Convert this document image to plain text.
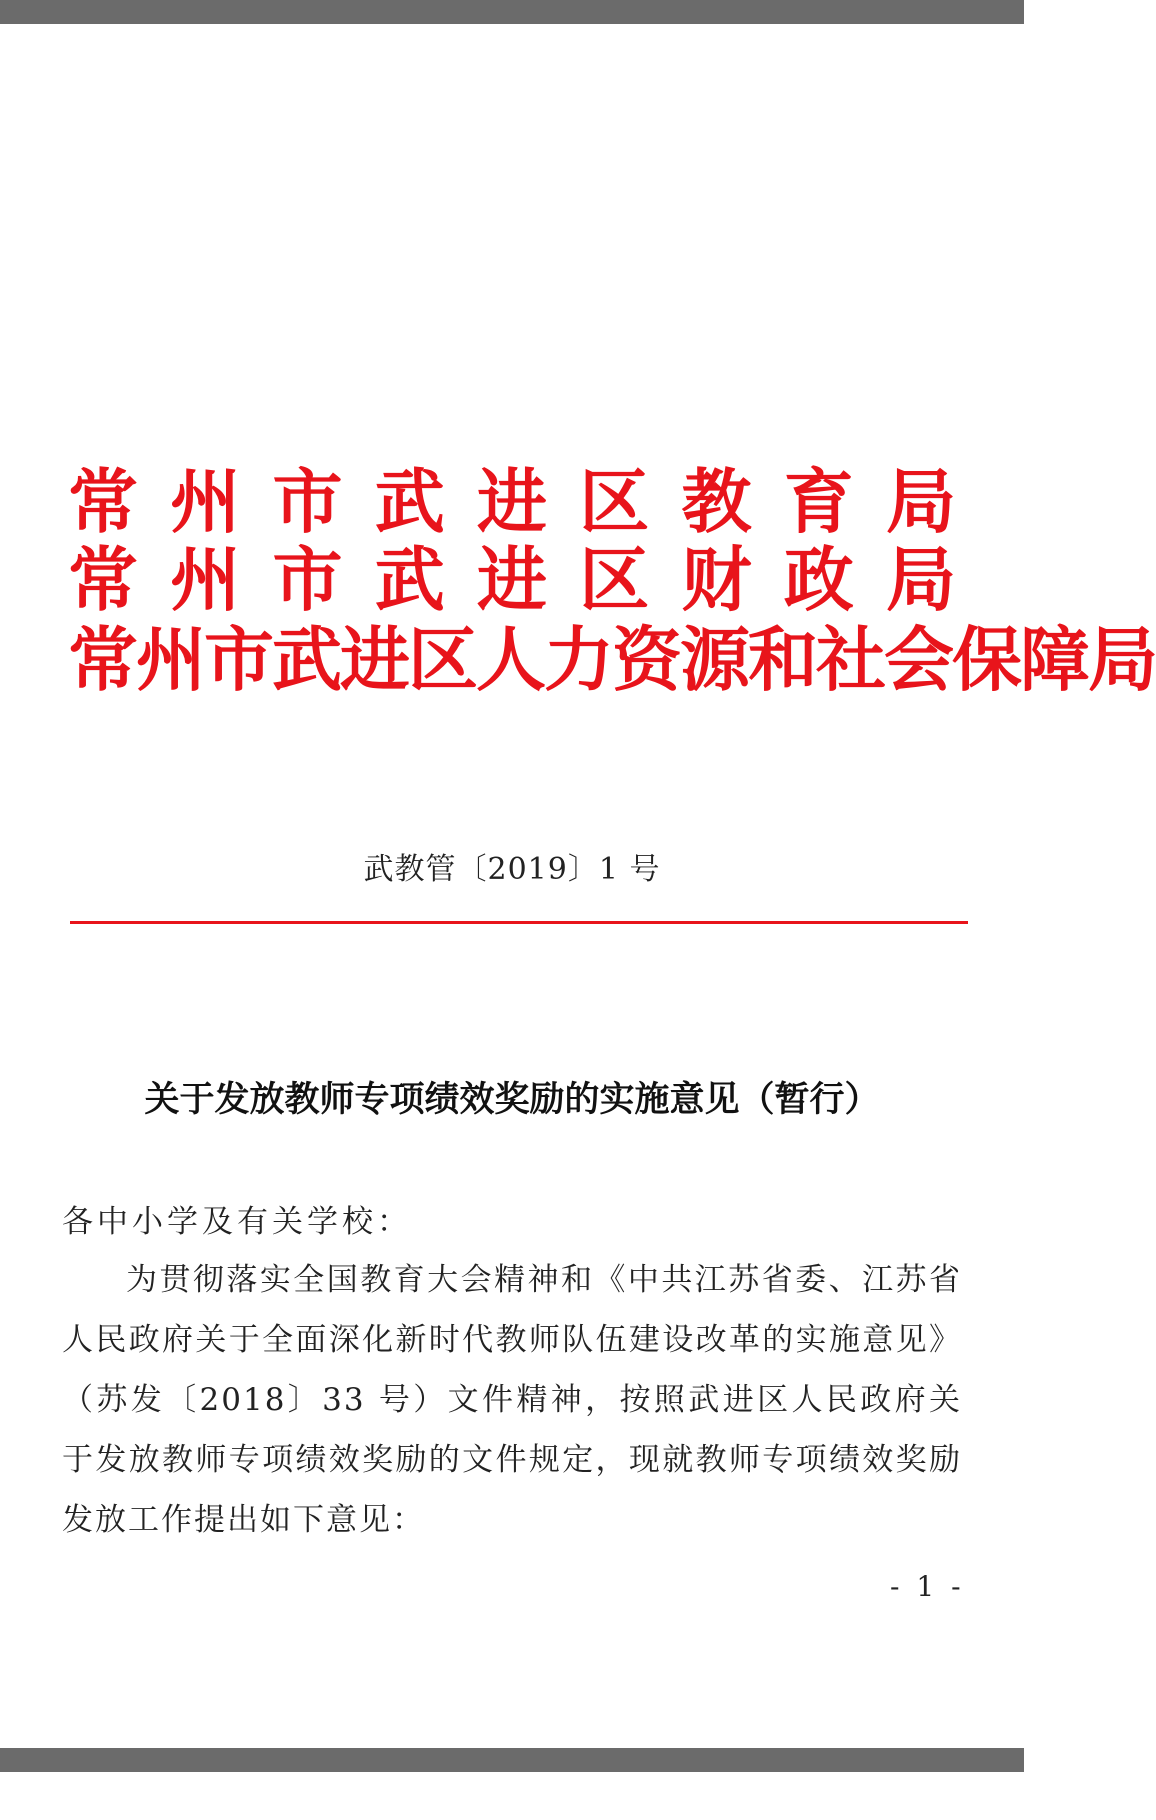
常 州 市 武 进 区 教 育 局
常 州 市 武 进 区 财 政 局
常州市武进区人力资源和社会保障局
武教管〔2019〕1 号
关于发放教师专项绩效奖励的实施意见（暂行）
各中小学及有关学校：
为贯彻落实全国教育大会精神和《中共江苏省委、江苏省人民政府关于全面深化新时代教师队伍建设改革的实施意见》（苏发〔2018〕33 号）文件精神，按照武进区人民政府关于发放教师专项绩效奖励的文件规定，现就教师专项绩效奖励发放工作提出如下意见：
- 1 -
